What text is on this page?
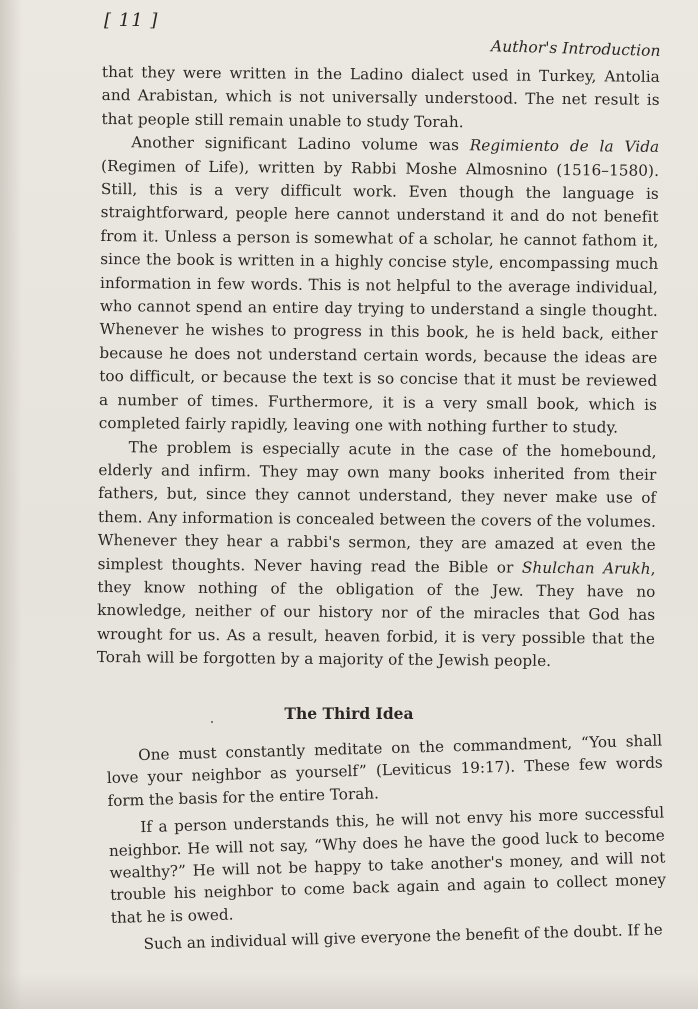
[ 11 ]
Author's Introduction

that they were written in the Ladino dialect used in Turkey, Antolia and Arabistan, which is not universally understood. The net result is that people still remain unable to study Torah.

Another significant Ladino volume was Regimiento de la Vida (Regimen of Life), written by Rabbi Moshe Almosnino (1516–1580). Still, this is a very difficult work. Even though the language is straightforward, people here cannot understand it and do not benefit from it. Unless a person is somewhat of a scholar, he cannot fathom it, since the book is written in a highly concise style, encompassing much information in few words. This is not helpful to the average individual, who cannot spend an entire day trying to understand a single thought. Whenever he wishes to progress in this book, he is held back, either because he does not understand certain words, because the ideas are too difficult, or because the text is so concise that it must be reviewed a number of times. Furthermore, it is a very small book, which is completed fairly rapidly, leaving one with nothing further to study.

The problem is especially acute in the case of the homebound, elderly and infirm. They may own many books inherited from their fathers, but, since they cannot understand, they never make use of them. Any information is concealed between the covers of the volumes. Whenever they hear a rabbi's sermon, they are amazed at even the simplest thoughts. Never having read the Bible or Shulchan Arukh, they know nothing of the obligation of the Jew. They have no knowledge, neither of our history nor of the miracles that God has wrought for us. As a result, heaven forbid, it is very possible that the Torah will be forgotten by a majority of the Jewish people.

The Third Idea

One must constantly meditate on the commandment, “You shall love your neighbor as yourself” (Leviticus 19:17). These few words form the basis for the entire Torah.

If a person understands this, he will not envy his more successful neighbor. He will not say, “Why does he have the good luck to become wealthy?” He will not be happy to take another's money, and will not trouble his neighbor to come back again and again to collect money that he is owed.

Such an individual will give everyone the benefit of the doubt. If he
